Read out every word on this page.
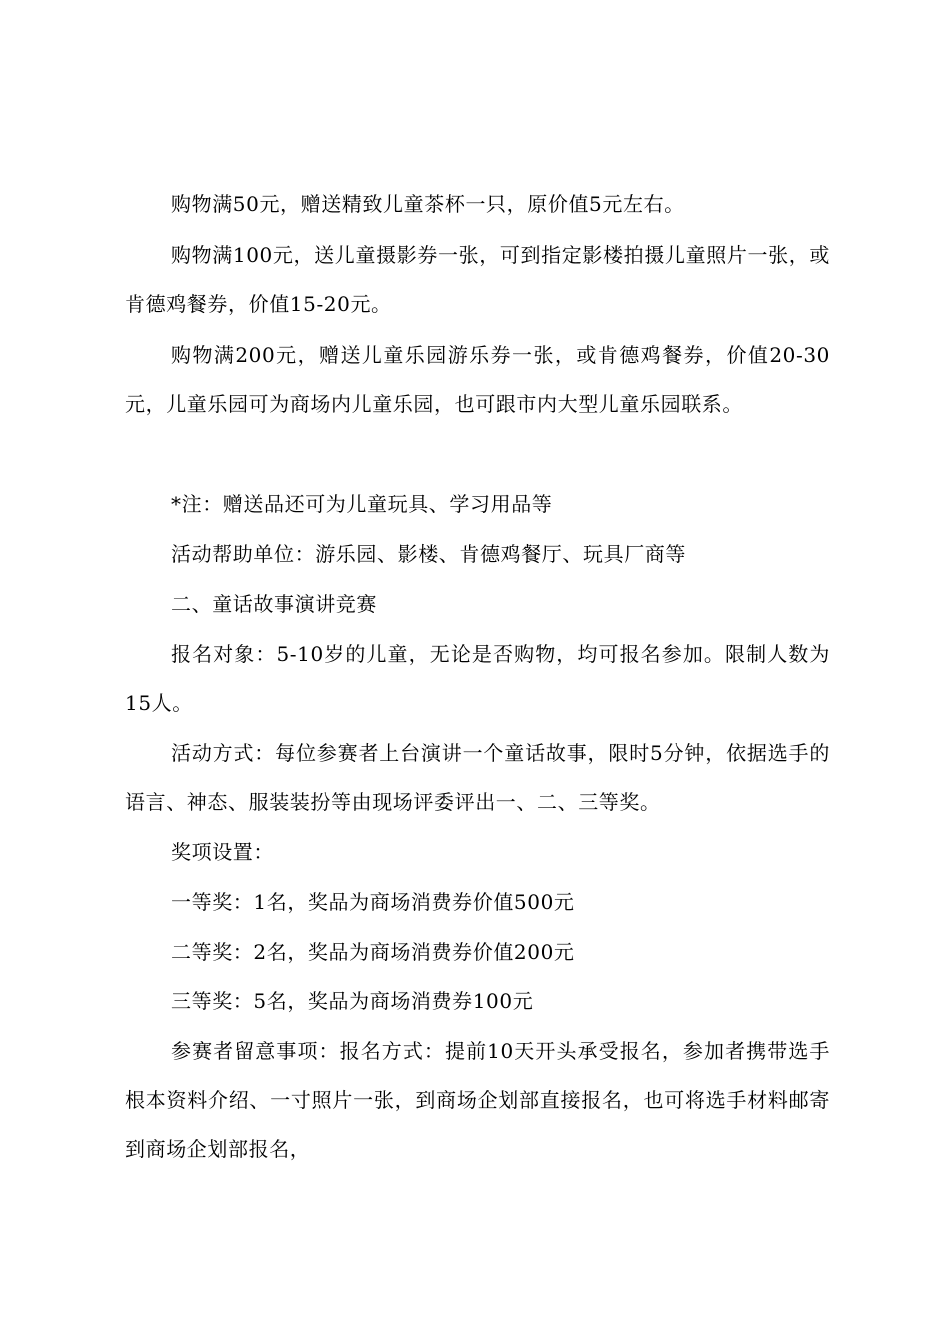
购物满50元，赠送精致儿童茶杯一只，原价值5元左右。

购物满100元，送儿童摄影券一张，可到指定影楼拍摄儿童照片一张，或肯德鸡餐券，价值15-20元。

购物满200元，赠送儿童乐园游乐券一张，或肯德鸡餐券，价值20-30元，儿童乐园可为商场内儿童乐园，也可跟市内大型儿童乐园联系。

*注：赠送品还可为儿童玩具、学习用品等

活动帮助单位：游乐园、影楼、肯德鸡餐厅、玩具厂商等

二、童话故事演讲竞赛

报名对象：5-10岁的儿童，无论是否购物，均可报名参加。限制人数为15人。

活动方式：每位参赛者上台演讲一个童话故事，限时5分钟，依据选手的语言、神态、服装装扮等由现场评委评出一、二、三等奖。

奖项设置：

一等奖：1名，奖品为商场消费券价值500元

二等奖：2名，奖品为商场消费券价值200元

三等奖：5名，奖品为商场消费券100元

参赛者留意事项：报名方式：提前10天开头承受报名，参加者携带选手根本资料介绍、一寸照片一张，到商场企划部直接报名，也可将选手材料邮寄到商场企划部报名，
